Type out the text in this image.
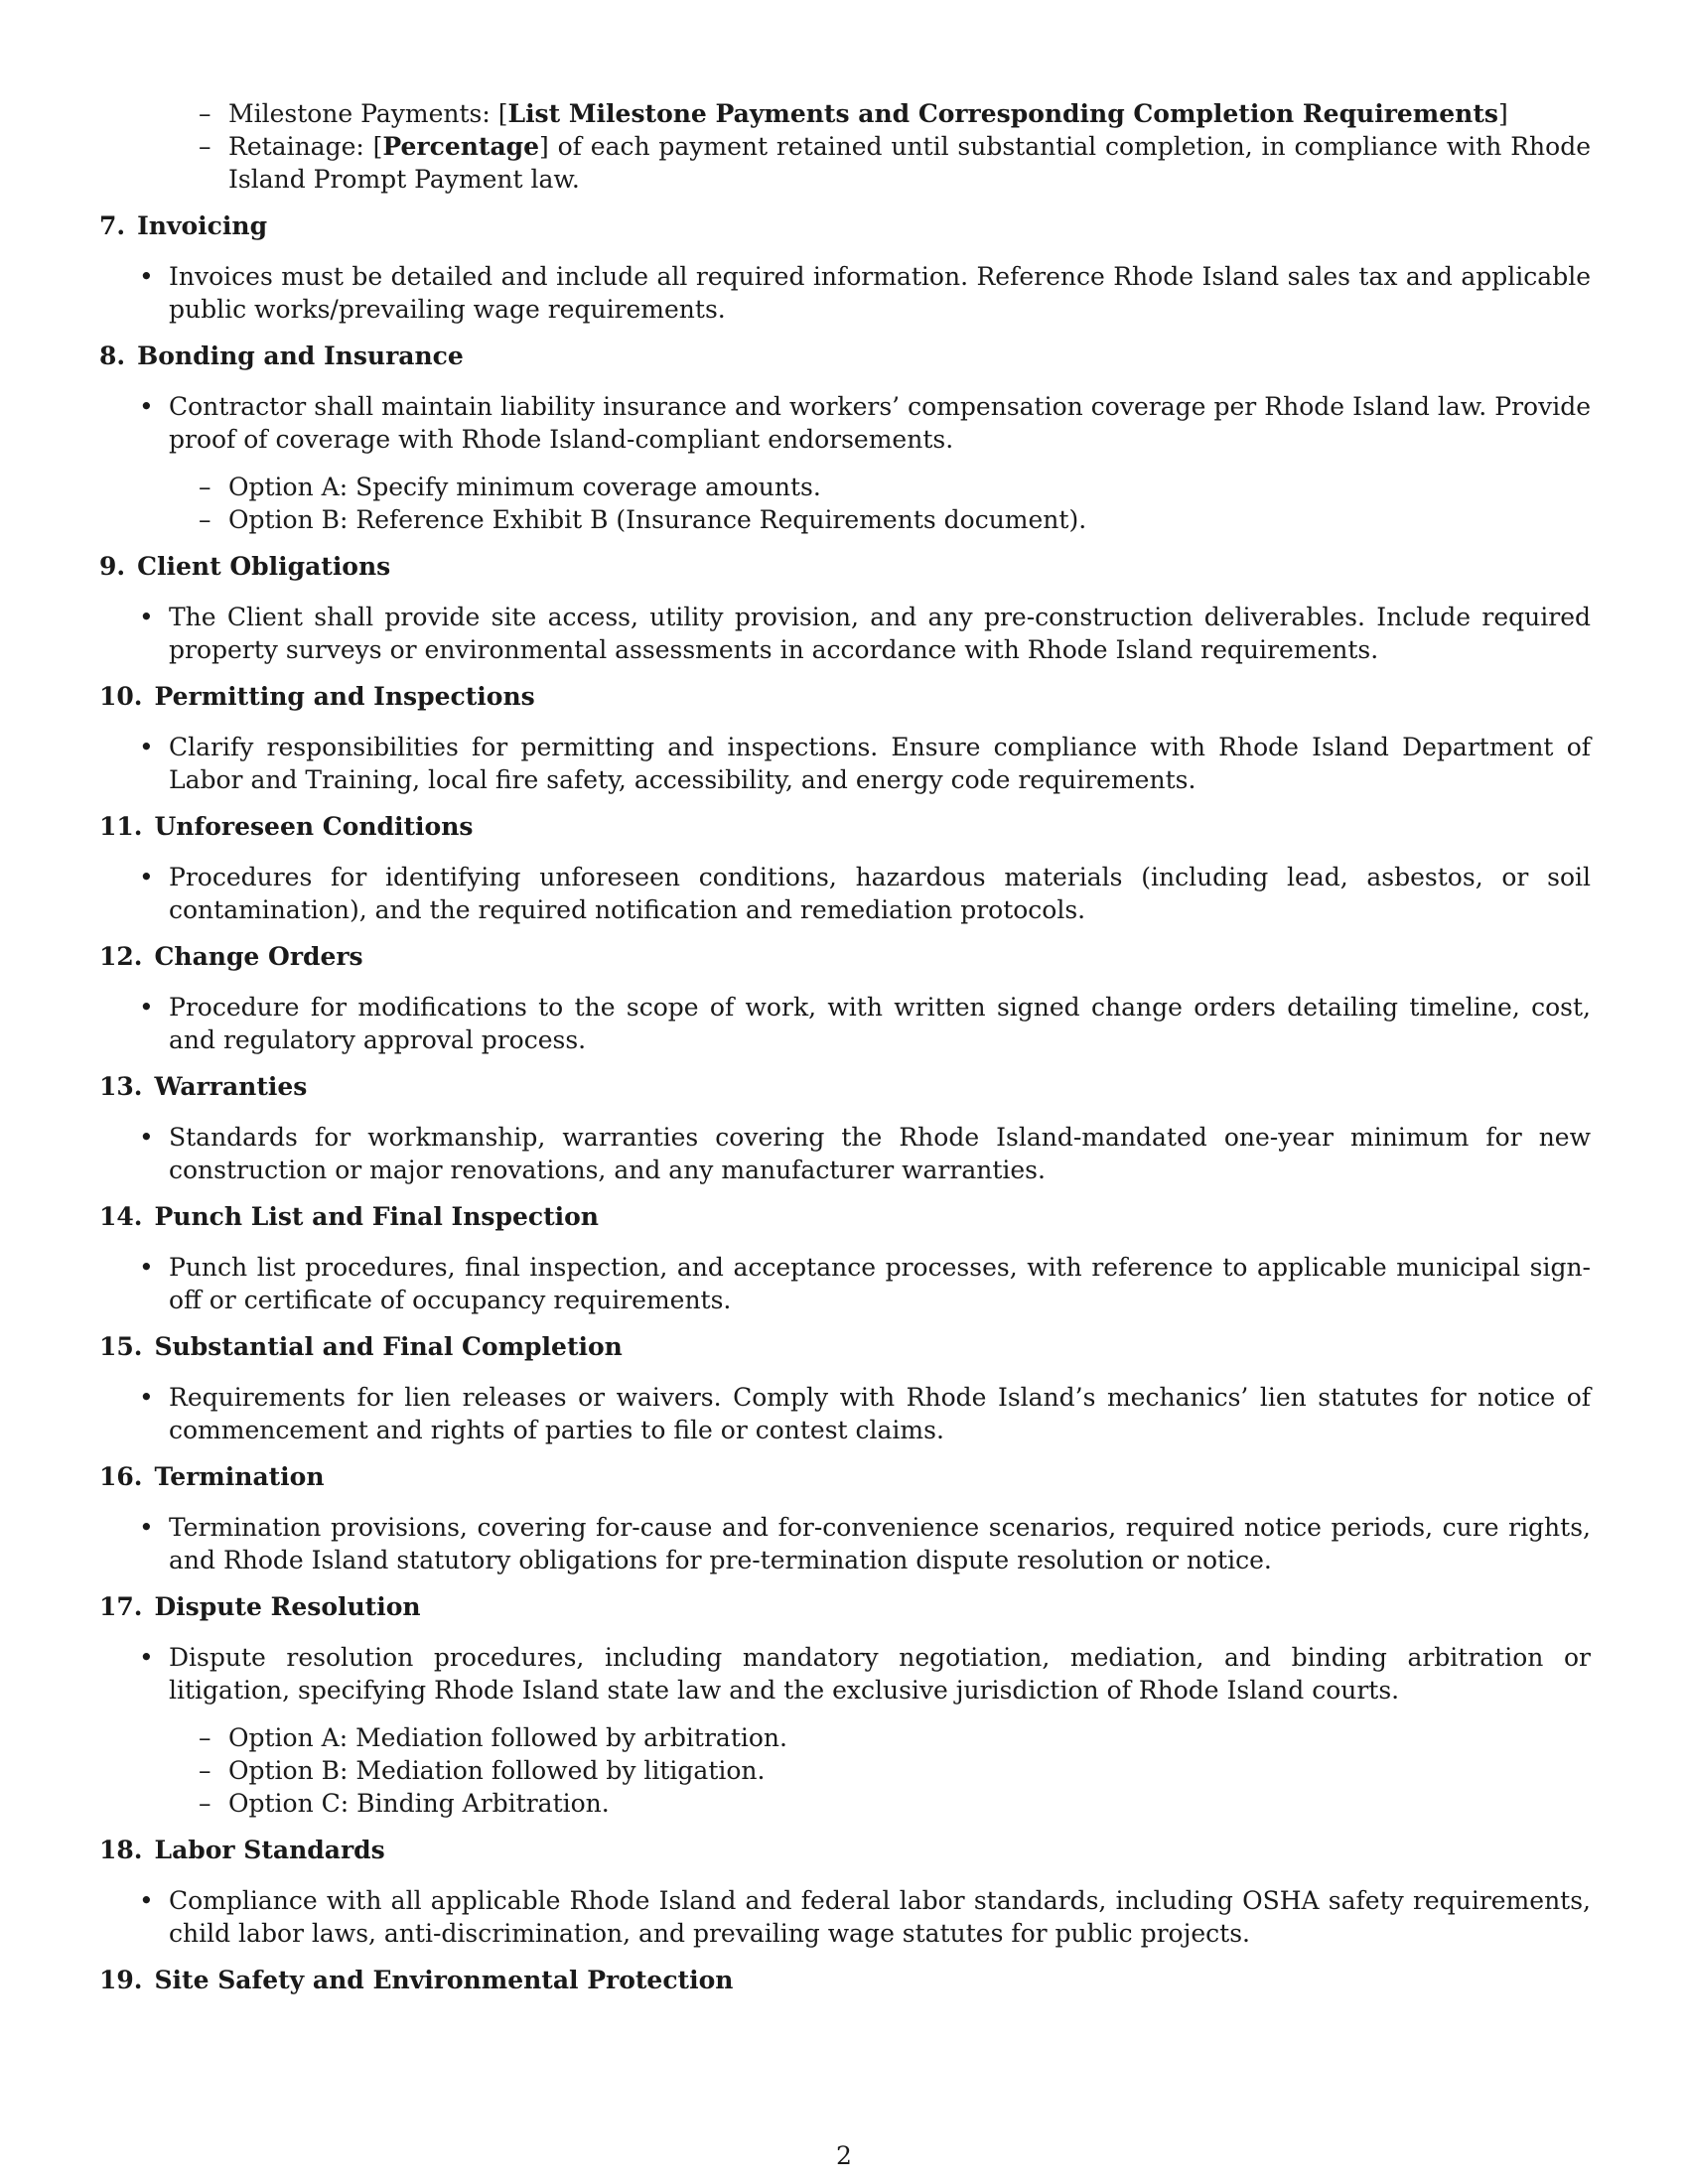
– Milestone Payments: [List Milestone Payments and Corresponding Completion Requirements]
– Retainage: [Percentage] of each payment retained until substantial completion, in compliance with Rhode Island Prompt Payment law.
7. Invoicing
• Invoices must be detailed and include all required information. Reference Rhode Island sales tax and applicable public works/prevailing wage requirements.
8. Bonding and Insurance
• Contractor shall maintain liability insurance and workers’ compensation coverage per Rhode Island law. Provide proof of coverage with Rhode Island-compliant endorsements.
– Option A: Specify minimum coverage amounts.
– Option B: Reference Exhibit B (Insurance Requirements document).
9. Client Obligations
• The Client shall provide site access, utility provision, and any pre-construction deliverables. Include required property surveys or environmental assessments in accordance with Rhode Island requirements.
10. Permitting and Inspections
• Clarify responsibilities for permitting and inspections. Ensure compliance with Rhode Island Department of Labor and Training, local fire safety, accessibility, and energy code requirements.
11. Unforeseen Conditions
• Procedures for identifying unforeseen conditions, hazardous materials (including lead, asbestos, or soil contamination), and the required notification and remediation protocols.
12. Change Orders
• Procedure for modifications to the scope of work, with written signed change orders detailing timeline, cost, and regulatory approval process.
13. Warranties
• Standards for workmanship, warranties covering the Rhode Island-mandated one-year minimum for new construction or major renovations, and any manufacturer warranties.
14. Punch List and Final Inspection
• Punch list procedures, final inspection, and acceptance processes, with reference to applicable municipal sign-off or certificate of occupancy requirements.
15. Substantial and Final Completion
• Requirements for lien releases or waivers. Comply with Rhode Island’s mechanics’ lien statutes for notice of commencement and rights of parties to file or contest claims.
16. Termination
• Termination provisions, covering for-cause and for-convenience scenarios, required notice periods, cure rights, and Rhode Island statutory obligations for pre-termination dispute resolution or notice.
17. Dispute Resolution
• Dispute resolution procedures, including mandatory negotiation, mediation, and binding arbitration or litigation, specifying Rhode Island state law and the exclusive jurisdiction of Rhode Island courts.
– Option A: Mediation followed by arbitration.
– Option B: Mediation followed by litigation.
– Option C: Binding Arbitration.
18. Labor Standards
• Compliance with all applicable Rhode Island and federal labor standards, including OSHA safety requirements, child labor laws, anti-discrimination, and prevailing wage statutes for public projects.
19. Site Safety and Environmental Protection
2
